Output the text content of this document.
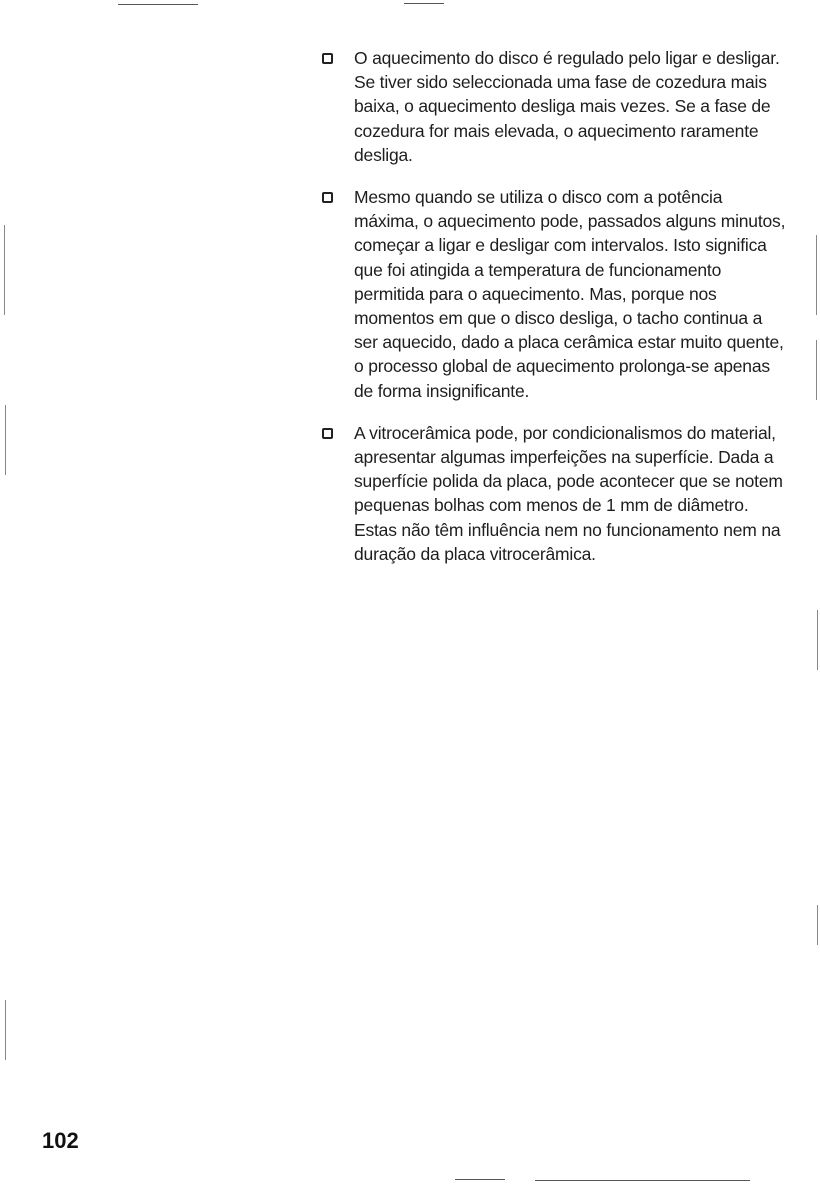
O aquecimento do disco é regulado pelo ligar e desligar. Se tiver sido seleccionada uma fase de cozedura mais baixa, o aquecimento desliga mais vezes. Se a fase de cozedura for mais elevada, o aquecimento raramente desliga.

Mesmo quando se utiliza o disco com a potência máxima, o aquecimento pode, passados alguns minutos, começar a ligar e desligar com intervalos. Isto significa que foi atingida a temperatura de funcionamento permitida para o aquecimento. Mas, porque nos momentos em que o disco desliga, o tacho continua a ser aquecido, dado a placa cerâmica estar muito quente, o processo global de aquecimento prolonga-se apenas de forma insignificante.

A vitrocerâmica pode, por condicionalismos do material, apresentar algumas imperfeições na superfície. Dada a superfície polida da placa, pode acontecer que se notem pequenas bolhas com menos de 1 mm de diâmetro. Estas não têm influência nem no funcionamento nem na duração da placa vitrocerâmica.

102
